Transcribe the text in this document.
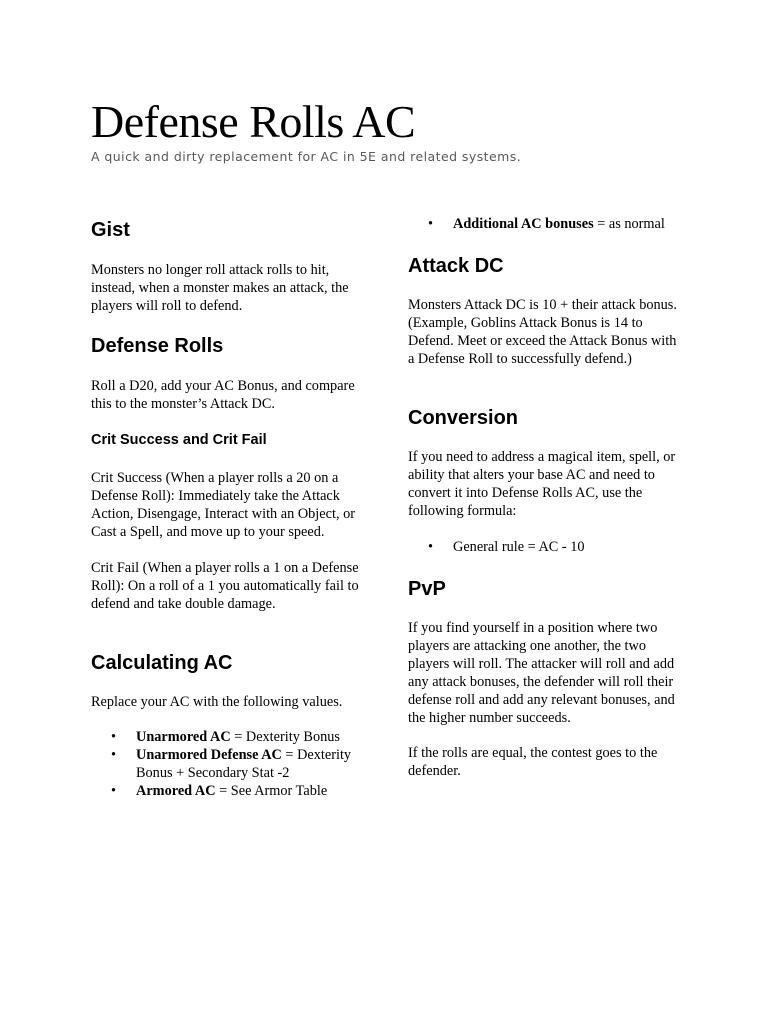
Defense Rolls AC
A quick and dirty replacement for AC in 5E and related systems.
Gist

Monsters no longer roll attack rolls to hit, instead, when a monster makes an attack, the players will roll to defend.

Defense Rolls

Roll a D20, add your AC Bonus, and compare this to the monster’s Attack DC.

Crit Success and Crit Fail

Crit Success (When a player rolls a 20 on a Defense Roll): Immediately take the Attack Action, Disengage, Interact with an Object, or Cast a Spell, and move up to your speed.

Crit Fail (When a player rolls a 1 on a Defense Roll): On a roll of a 1 you automatically fail to defend and take double damage.

Calculating AC

Replace your AC with the following values.

• Unarmored AC = Dexterity Bonus
• Unarmored Defense AC = Dexterity Bonus + Secondary Stat -2
• Armored AC = See Armor Table
• Additional AC bonuses = as normal
Attack DC

Monsters Attack DC is 10 + their attack bonus. (Example, Goblins Attack Bonus is 14 to Defend. Meet or exceed the Attack Bonus with a Defense Roll to successfully defend.)

Conversion

If you need to address a magical item, spell, or ability that alters your base AC and need to convert it into Defense Rolls AC, use the following formula:

• General rule = AC - 10
PvP

If you find yourself in a position where two players are attacking one another, the two players will roll. The attacker will roll and add any attack bonuses, the defender will roll their defense roll and add any relevant bonuses, and the higher number succeeds.

If the rolls are equal, the contest goes to the defender.
